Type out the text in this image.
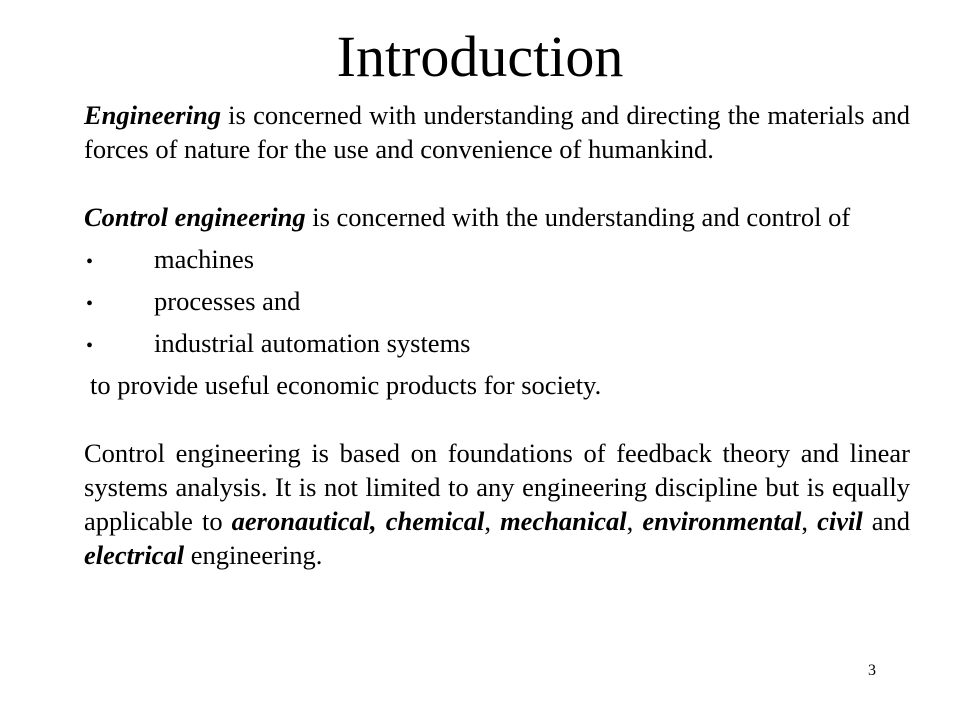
Introduction

Engineering is concerned with understanding and directing the materials and forces of nature for the use and convenience of humankind.

Control engineering is concerned with the understanding and control of

•	machines
•	processes and
•	industrial automation systems

to provide useful economic products for society.

Control engineering is based on foundations of feedback theory and linear systems analysis. It is not limited to any engineering discipline but is equally applicable to aeronautical, chemical, mechanical, environmental, civil and electrical engineering.

3
